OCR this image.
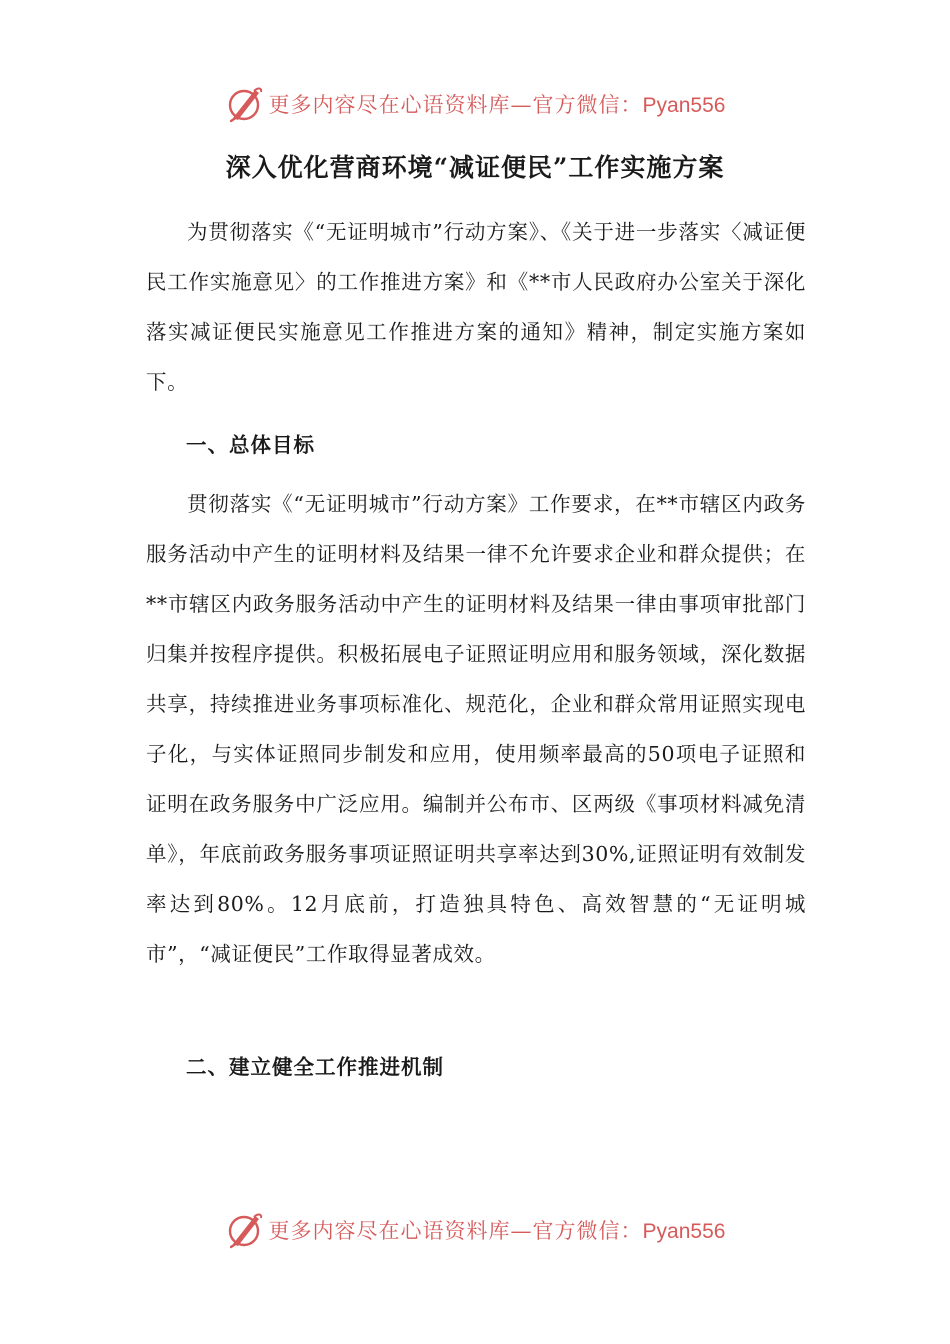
更多内容尽在心语资料库—官方微信：Pyan556
深入优化营商环境“减证便民”工作实施方案

为贯彻落实《“无证明城市”行动方案》、《关于进一步落实〈减证便民工作实施意见〉的工作推进方案》和《**市人民政府办公室关于深化落实减证便民实施意见工作推进方案的通知》精神，制定实施方案如下。

一、总体目标

贯彻落实《“无证明城市”行动方案》工作要求，在**市辖区内政务服务活动中产生的证明材料及结果一律不允许要求企业和群众提供；在**市辖区内政务服务活动中产生的证明材料及结果一律由事项审批部门归集并按程序提供。积极拓展电子证照证明应用和服务领域，深化数据共享，持续推进业务事项标准化、规范化，企业和群众常用证照实现电子化，与实体证照同步制发和应用，使用频率最高的50项电子证照和证明在政务服务中广泛应用。编制并公布市、区两级《事项材料减免清单》，年底前政务服务事项证照证明共享率达到30%,证照证明有效制发率达到80%。12月底前，打造独具特色、高效智慧的“无证明城市”，“减证便民”工作取得显著成效。

二、建立健全工作推进机制
更多内容尽在心语资料库—官方微信：Pyan556
